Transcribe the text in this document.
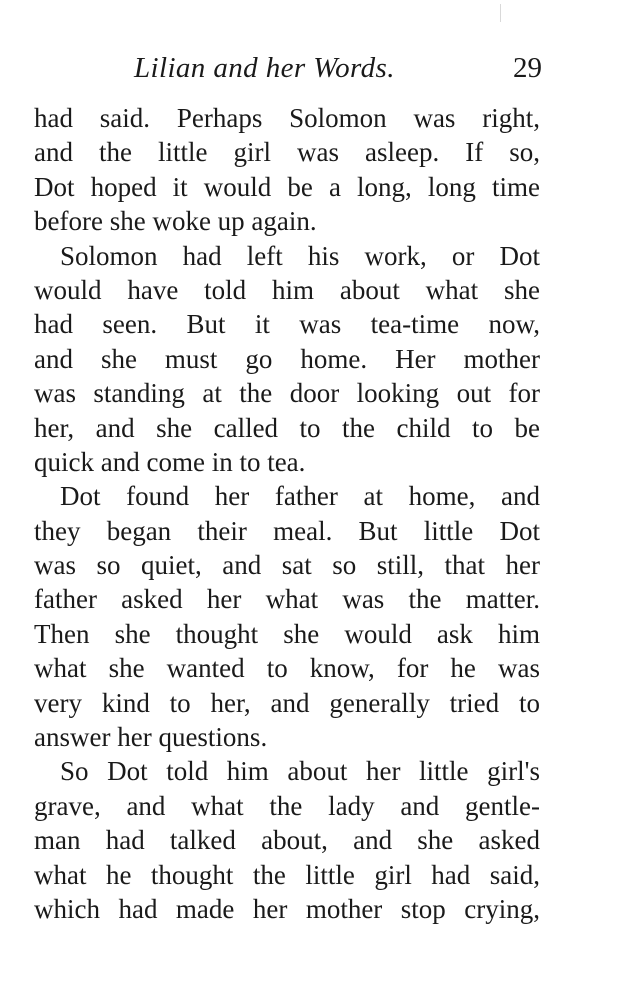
Lilian and her Words.	29
had said. Perhaps Solomon was right,
and the little girl was asleep. If so,
Dot hoped it would be a long, long time
before she woke up again.
Solomon had left his work, or Dot
would have told him about what she
had seen. But it was tea-time now,
and she must go home. Her mother
was standing at the door looking out for
her, and she called to the child to be
quick and come in to tea.
Dot found her father at home, and
they began their meal. But little Dot
was so quiet, and sat so still, that her
father asked her what was the matter.
Then she thought she would ask him
what she wanted to know, for he was
very kind to her, and generally tried to
answer her questions.
So Dot told him about her little girl's
grave, and what the lady and gentle-
man had talked about, and she asked
what he thought the little girl had said,
which had made her mother stop crying,
